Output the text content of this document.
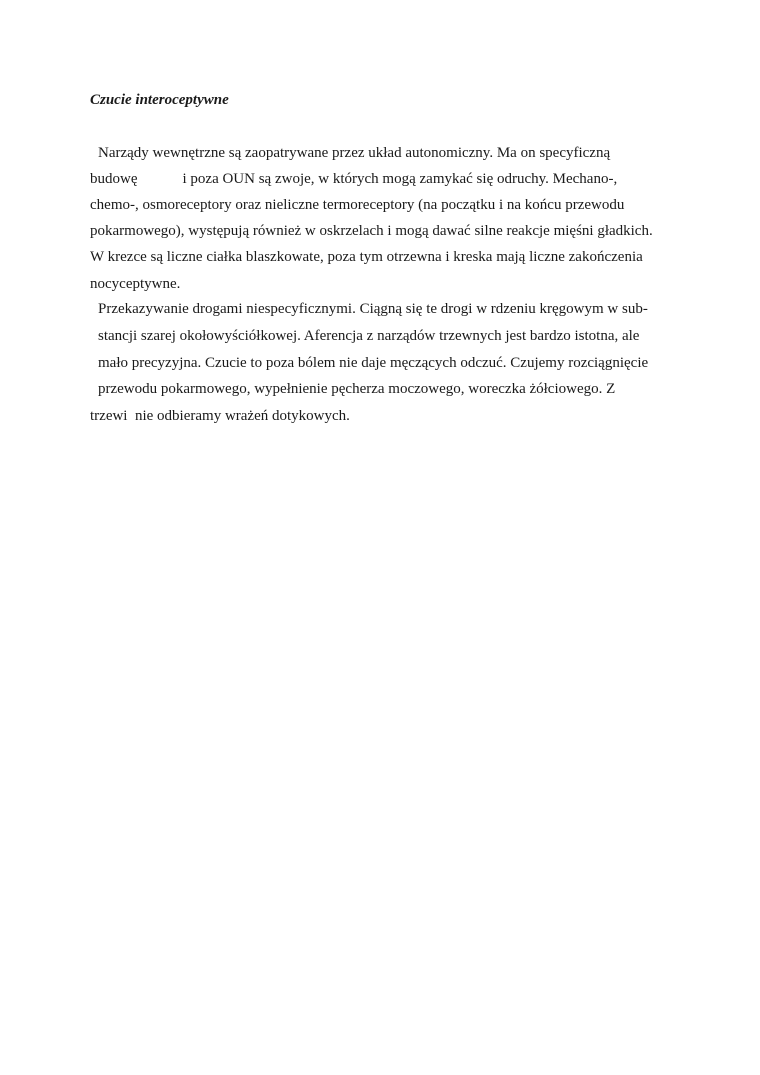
Czucie interoceptywne
Narządy wewnętrzne są zaopatrywane przez układ autonomiczny. Ma on specyficzną
budowę            i poza OUN są zwoje, w których mogą zamykać się odruchy. Mechano-,
chemo-, osmoreceptory oraz nieliczne termoreceptory (na początku i na końcu przewodu
pokarmowego), występują również w oskrzelach i mogą dawać silne reakcje mięśni gładkich.
W krezce są liczne ciałka blaszkowate, poza tym otrzewna i kreska mają liczne zakończenia
nocyceptywne.
Przekazywanie drogami niespecyficznymi. Ciągną się te drogi w rdzeniu kręgowym w sub-
stancji szarej okołowyściółkowej. Aferencja z narządów trzewnych jest bardzo istotna, ale
mało precyzyjna. Czucie to poza bólem nie daje męczących odczuć. Czujemy rozciągnięcie
przewodu pokarmowego, wypełnienie pęcherza moczowego, woreczka żółciowego. Z
trzewi  nie odbieramy wrażeń dotykowych.
